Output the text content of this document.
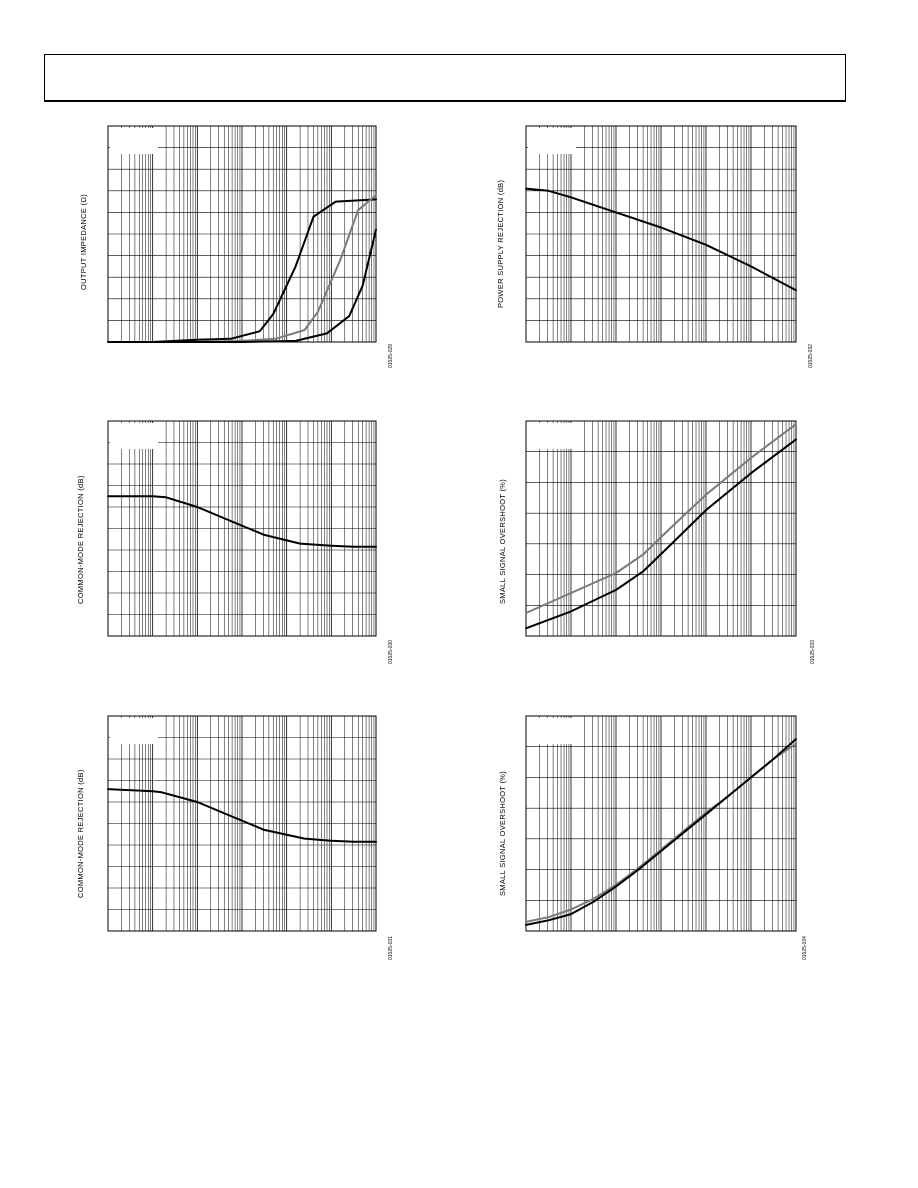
OUTPUT IMPEDANCE (Ω)
01525-029
POWER SUPPLY REJECTION (dB)
01525-032
COMMON-MODE REJECTION (dB)
01525-030
SMALL SIGNAL OVERSHOOT (%)
01525-033
COMMON-MODE REJECTION (dB)
01525-031
SMALL SIGNAL OVERSHOOT (%)
01525-034
